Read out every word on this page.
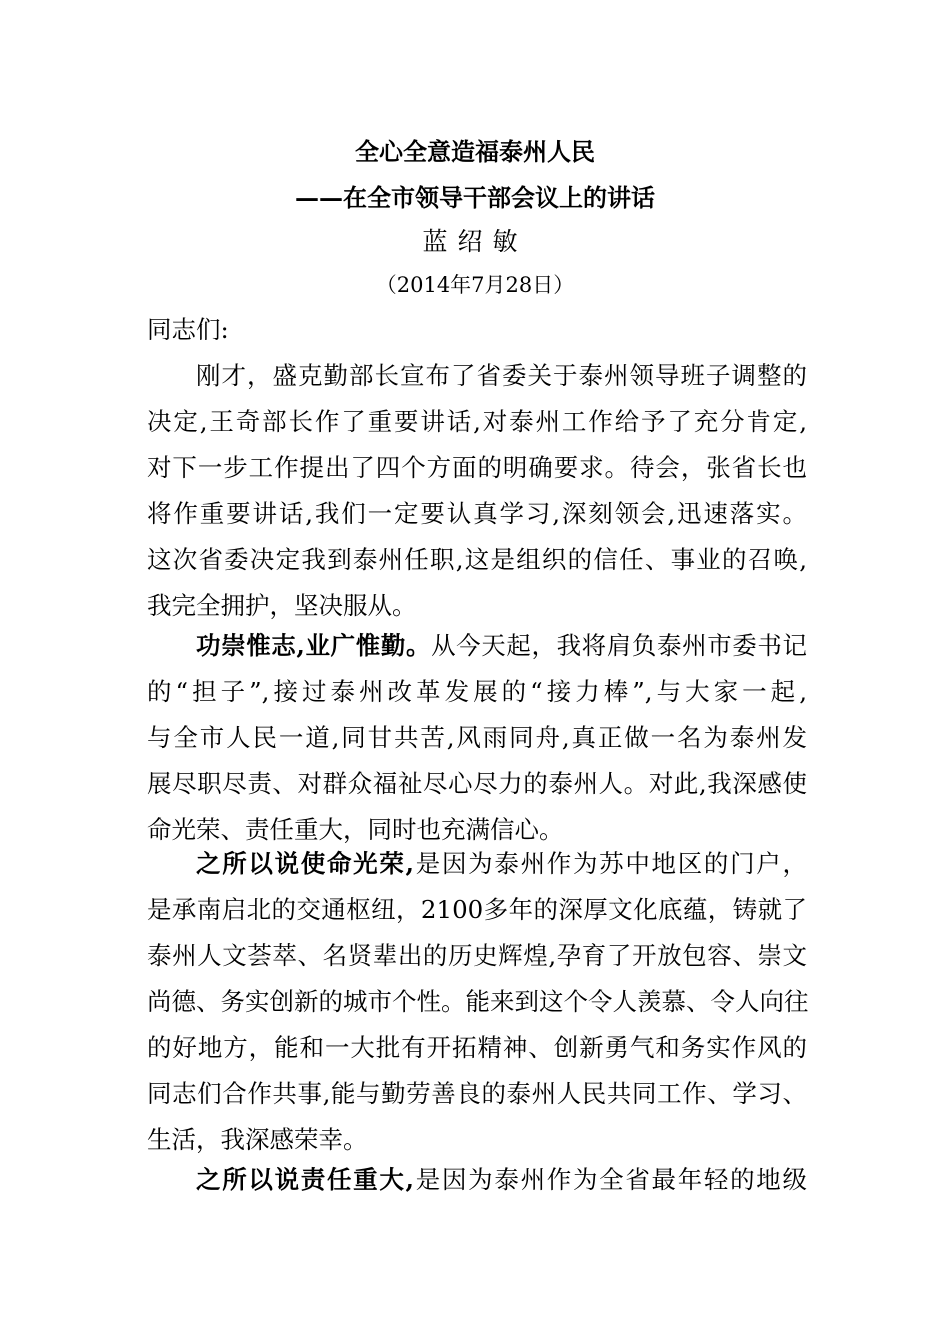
全心全意造福泰州人民
——在全市领导干部会议上的讲话
蓝绍敏
（2014年7月28日）
同志们:
刚才，盛克勤部长宣布了省委关于泰州领导班子调整的
决定,王奇部长作了重要讲话,对泰州工作给予了充分肯定,
对下一步工作提出了四个方面的明确要求。待会，张省长也
将作重要讲话,我们一定要认真学习,深刻领会,迅速落实。
这次省委决定我到泰州任职,这是组织的信任、事业的召唤,
我完全拥护，坚决服从。
功崇惟志,业广惟勤。从今天起，我将肩负泰州市委书记
的“担子”,接过泰州改革发展的“接力棒”,与大家一起,
与全市人民一道,同甘共苦,风雨同舟,真正做一名为泰州发
展尽职尽责、对群众福祉尽心尽力的泰州人。对此,我深感使
命光荣、责任重大，同时也充满信心。
之所以说使命光荣,是因为泰州作为苏中地区的门户，
是承南启北的交通枢纽，2100多年的深厚文化底蕴，铸就了
泰州人文荟萃、名贤辈出的历史辉煌,孕育了开放包容、崇文
尚德、务实创新的城市个性。能来到这个令人羡慕、令人向往
的好地方，能和一大批有开拓精神、创新勇气和务实作风的
同志们合作共事,能与勤劳善良的泰州人民共同工作、学习、
生活，我深感荣幸。
之所以说责任重大,是因为泰州作为全省最年轻的地级
